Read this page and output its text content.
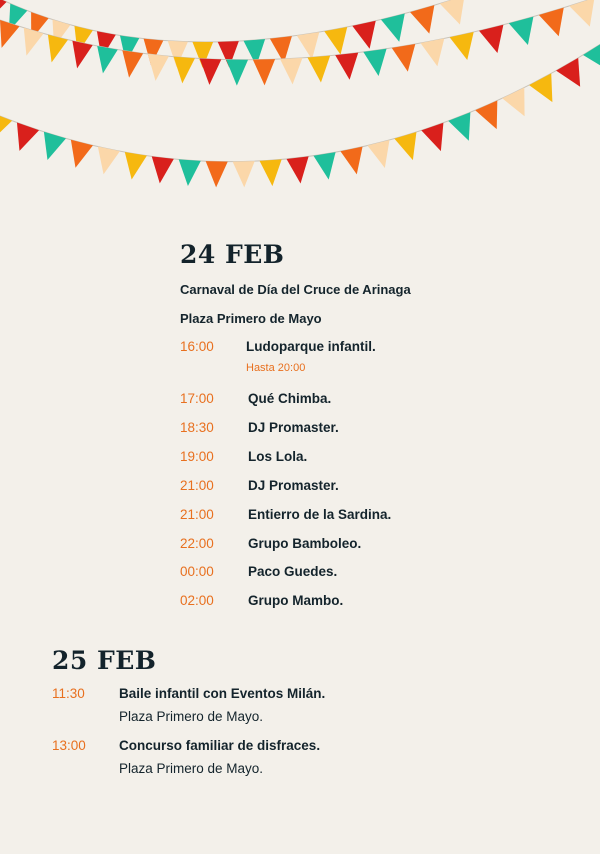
24 FEB

Carnaval de Día del Cruce de Arinaga

Plaza Primero de Mayo

16:00 Ludoparque infantil.
Hasta 20:00
17:00	Qué Chimba.
18:30	DJ Promaster.
19:00	Los Lola.
21:00	DJ Promaster.
21:00	Entierro de la Sardina.
22:00	Grupo Bamboleo.
00:00	Paco Guedes.
02:00	Grupo Mambo.
25 FEB
11:30	Baile infantil con Eventos Milán.
Plaza Primero de Mayo.
13:00 Concurso familiar de disfraces.
Plaza Primero de Mayo.
